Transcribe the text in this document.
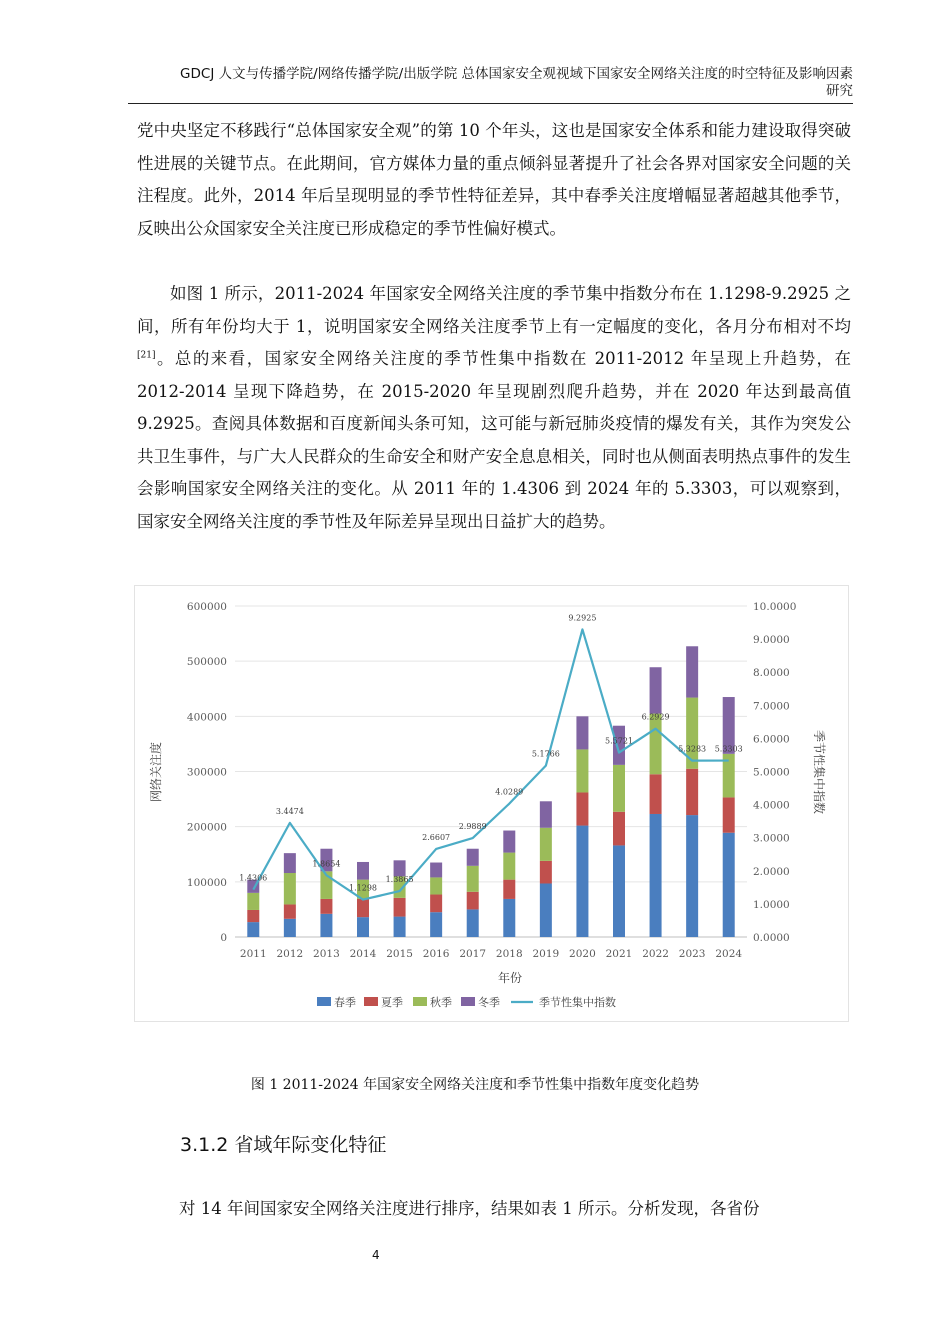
GDCJ 人文与传播学院/网络传播学院/出版学院 总体国家安全观视域下国家安全网络关注度的时空特征及影响因素
研究

党中央坚定不移践行“总体国家安全观”的第 10 个年头，这也是国家安全体系和能力建设取得突破性进展的关键节点。在此期间，官方媒体力量的重点倾斜显著提升了社会各界对国家安全问题的关注程度。此外，2014 年后呈现明显的季节性特征差异，其中春季关注度增幅显著超越其他季节，反映出公众国家安全关注度已形成稳定的季节性偏好模式。

如图 1 所示，2011-2024 年国家安全网络关注度的季节集中指数分布在 1.1298-9.2925 之间，所有年份均大于 1，说明国家安全网络关注度季节上有一定幅度的变化，各月分布相对不均[21]。总的来看，国家安全网络关注度的季节性集中指数在 2011-2012 年呈现上升趋势，在 2012-2014 呈现下降趋势，在 2015-2020 年呈现剧烈爬升趋势，并在 2020 年达到最高值 9.2925。查阅具体数据和百度新闻头条可知，这可能与新冠肺炎疫情的爆发有关，其作为突发公共卫生事件，与广大人民群众的生命安全和财产安全息息相关，同时也从侧面表明热点事件的发生会影响国家安全网络关注的变化。从 2011 年的 1.4306 到 2024 年的 5.3303，可以观察到，国家安全网络关注度的季节性及年际差异呈现出日益扩大的趋势。

0
100000
200000
300000
400000
500000
600000
0.0000
1.0000
2.0000
3.0000
4.0000
5.0000
6.0000
7.0000
8.0000
9.0000
10.0000
2011 2012 2013 2014 2015 2016 2017 2018 2019 2020 2021 2022 2023 2024
1.4306
3.4474
1.8654
1.1298
1.3865
2.6607
2.9889
4.0289
5.1766
9.2925
5.5721
6.2929
5.3283 5.3303
年份
网络关注度	季节性集中指数
春季 夏季 秋季 冬季	季节性集中指数
图 1 2011-2024 年国家安全网络关注度和季节性集中指数年度变化趋势
3.1.2 省域年际变化特征

对 14 年间国家安全网络关注度进行排序，结果如表 1 所示。分析发现，各省份

4
